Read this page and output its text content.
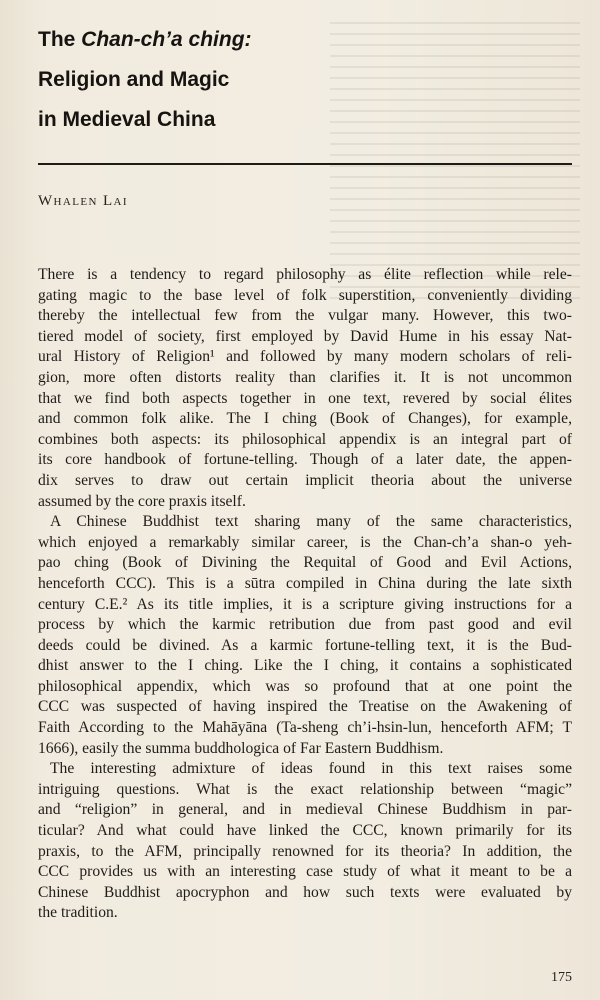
The Chan-ch’a ching:
Religion and Magic
in Medieval China
Whalen Lai
There is a tendency to regard philosophy as élite reflection while rele-
gating magic to the base level of folk superstition, conveniently dividing
thereby the intellectual few from the vulgar many. However, this two-
tiered model of society, first employed by David Hume in his essay Nat-
ural History of Religion¹ and followed by many modern scholars of reli-
gion, more often distorts reality than clarifies it. It is not uncommon
that we find both aspects together in one text, revered by social élites
and common folk alike. The I ching (Book of Changes), for example,
combines both aspects: its philosophical appendix is an integral part of
its core handbook of fortune-telling. Though of a later date, the appen-
dix serves to draw out certain implicit theoria about the universe
assumed by the core praxis itself.
A Chinese Buddhist text sharing many of the same characteristics,
which enjoyed a remarkably similar career, is the Chan-ch’a shan-o yeh-
pao ching (Book of Divining the Requital of Good and Evil Actions,
henceforth CCC). This is a sūtra compiled in China during the late sixth
century C.E.² As its title implies, it is a scripture giving instructions for a
process by which the karmic retribution due from past good and evil
deeds could be divined. As a karmic fortune-telling text, it is the Bud-
dhist answer to the I ching. Like the I ching, it contains a sophisticated
philosophical appendix, which was so profound that at one point the
CCC was suspected of having inspired the Treatise on the Awakening of
Faith According to the Mahāyāna (Ta-sheng ch’i-hsin-lun, henceforth AFM; T
1666), easily the summa buddhologica of Far Eastern Buddhism.
The interesting admixture of ideas found in this text raises some
intriguing questions. What is the exact relationship between “magic”
and “religion” in general, and in medieval Chinese Buddhism in par-
ticular? And what could have linked the CCC, known primarily for its
praxis, to the AFM, principally renowned for its theoria? In addition, the
CCC provides us with an interesting case study of what it meant to be a
Chinese Buddhist apocryphon and how such texts were evaluated by
the tradition.
175
